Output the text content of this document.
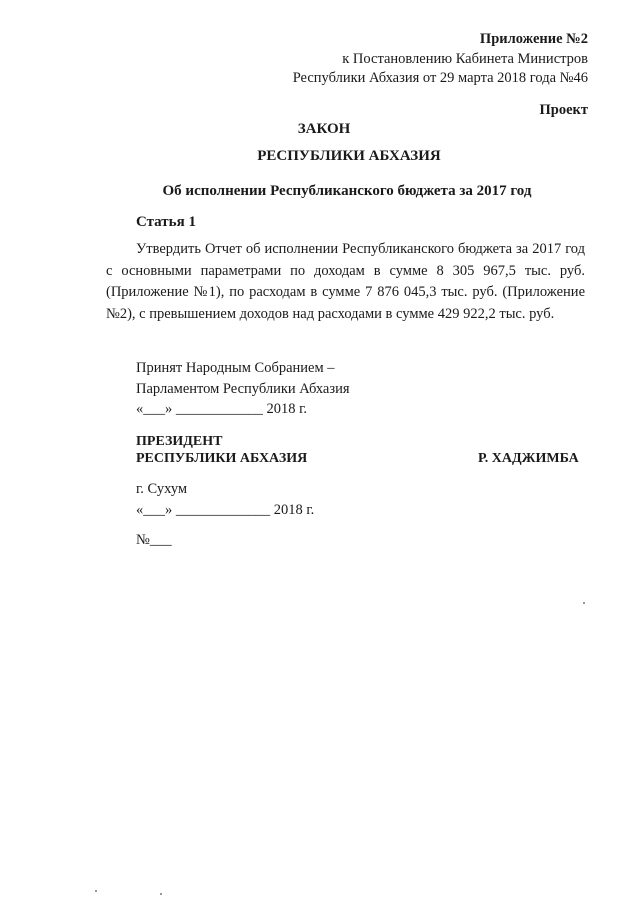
Приложение №2
к Постановлению Кабинета Министров
Республики Абхазия от 29 марта 2018 года №46
Проект
ЗАКОН
РЕСПУБЛИКИ АБХАЗИЯ
Об исполнении Республиканского бюджета за 2017 год
Статья 1
Утвердить Отчет об исполнении Республиканского бюджета за 2017 год с основными параметрами по доходам в сумме 8 305 967,5 тыс. руб. (Приложение №1), по расходам в сумме 7 876 045,3 тыс. руб. (Приложение №2), с превышением доходов над расходами в сумме 429 922,2 тыс. руб.
Принят Народным Собранием –
Парламентом Республики Абхазия
«___» ____________ 2018 г.
ПРЕЗИДЕНТ
РЕСПУБЛИКИ АБХАЗИЯ	Р. ХАДЖИМБА
г. Сухум
«___» _____________ 2018 г.
№___
